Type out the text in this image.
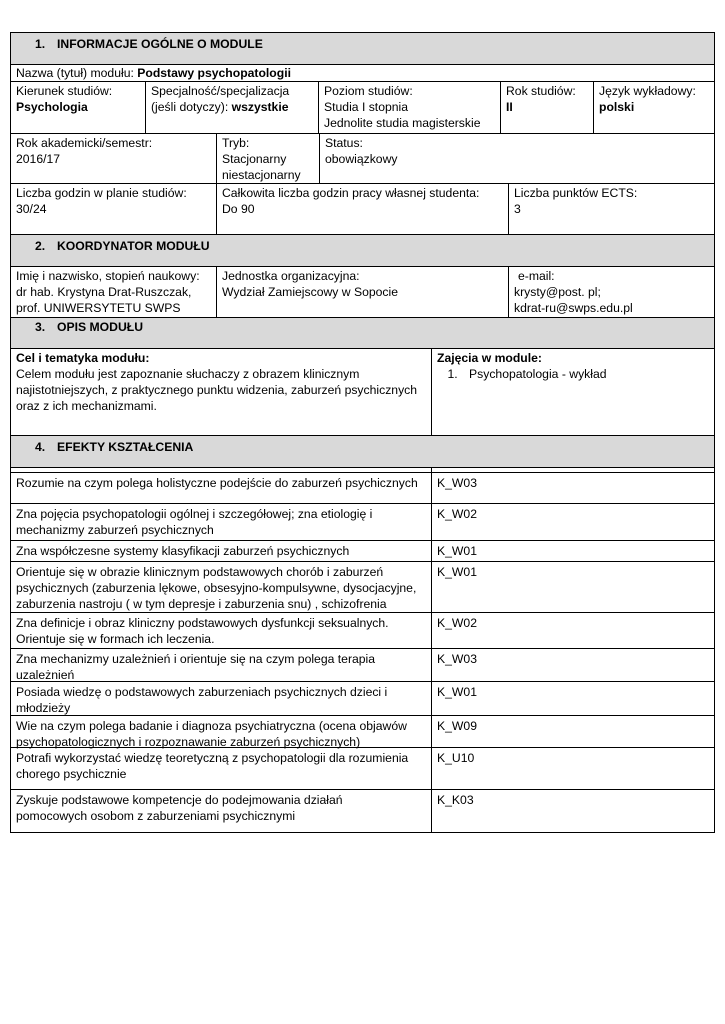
1. INFORMACJE OGÓLNE O MODULE
Nazwa (tytuł) modułu: Podstawy psychopatologii
Kierunek studiów:
Psychologia
Specjalność/specjalizacja
(jeśli dotyczy): wszystkie
Poziom studiów:
Studia I stopnia
Jednolite studia magisterskie
Rok studiów:
II
Język wykładowy:
polski
Rok akademicki/semestr:
2016/17
Tryb:
Stacjonarny
niestacjonarny
Status:
obowiązkowy
Liczba godzin w planie studiów:
30/24
Całkowita liczba godzin pracy własnej studenta:
Do 90
Liczba punktów ECTS:
3
2. KOORDYNATOR MODUŁU
Imię i nazwisko, stopień naukowy:
dr hab. Krystyna Drat-Ruszczak,
prof. UNIWERSYTETU SWPS
Jednostka organizacyjna:
Wydział Zamiejscowy w Sopocie
e-mail:
krysty@post. pl;
kdrat-ru@swps.edu.pl
3. OPIS MODUŁU
Cel i tematyka modułu:
Celem modułu jest zapoznanie słuchaczy z obrazem klinicznym
najistotniejszych, z praktycznego punktu widzenia, zaburzeń psychicznych
oraz z ich mechanizmami.
Zajęcia w module:
1. Psychopatologia - wykład
4. EFEKTY KSZTAŁCENIA
Rozumie na czym polega holistyczne podejście do zaburzeń psychicznych	K_W03
Zna pojęcia psychopatologii ogólnej i szczegółowej; zna etiologię i
mechanizmy zaburzeń psychicznych
K_W02
Zna współczesne systemy klasyfikacji zaburzeń psychicznych	K_W01
Orientuje się w obrazie klinicznym podstawowych chorób i zaburzeń
psychicznych (zaburzenia lękowe, obsesyjno-kompulsywne, dysocjacyjne,
zaburzenia nastroju ( w tym depresje i zaburzenia snu) , schizofrenia
K_W01
Zna definicje i obraz kliniczny podstawowych dysfunkcji seksualnych.
Orientuje się w formach ich leczenia.
K_W02
Zna mechanizmy uzależnień i orientuje się na czym polega terapia
uzależnień
K_W03
Posiada wiedzę o podstawowych zaburzeniach psychicznych dzieci i
młodzieży
K_W01
Wie na czym polega badanie i diagnoza psychiatryczna (ocena objawów
psychopatologicznych i rozpoznawanie zaburzeń psychicznych)
K_W09
Potrafi wykorzystać wiedzę teoretyczną z psychopatologii dla rozumienia
chorego psychicznie
K_U10
Zyskuje podstawowe kompetencje do podejmowania działań
pomocowych osobom z zaburzeniami psychicznymi
K_K03
